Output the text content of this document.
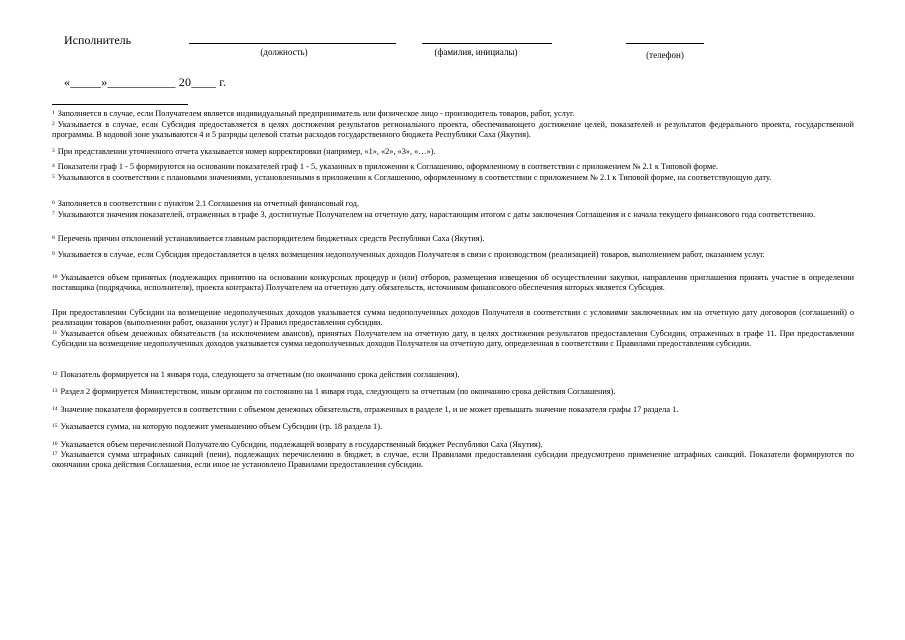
Исполнитель
(должность)	(фамилия, инициалы)	(телефон)
«_____»___________ 20____ г.
$^1$ Заполняется в случае, если Получателем является индивидуальный предприниматель или физическое лицо - производитель товаров, работ, услуг.
$^2$ Указывается в случае, если Субсидия предоставляется в целях достижения результатов регионального проекта, обеспечивающего достижение целей, показателей и результатов федерального проекта, государственной программы. В кодовой зоне указываются 4 и 5 разряды целевой статьи расходов государственного бюджета Республики Саха (Якутия).
$^3$ При представлении уточненного отчета указывается номер корректировки (например, «1», «2», «3», «…»).
$^4$ Показатели граф 1 - 5 формируются на основании показателей граф 1 - 5, указанных в приложении к Соглашению, оформленному в соответствии с приложением № 2.1 к Типовой форме.
$^5$ Указываются в соответствии с плановыми значениями, установленными в приложении к Соглашению, оформленному в соответствии с приложением № 2.1 к Типовой форме, на соответствующую дату.
$^6$ Заполняется в соответствии с пунктом 2.1 Соглашения на отчетный финансовый год.
$^7$ Указываются значения показателей, отраженных в графе 3, достигнутые Получателем на отчетную дату, нарастающим итогом с даты заключения Соглашения и с начала текущего финансового года соответственно.
$^8$ Перечень причин отклонений устанавливается главным распорядителем бюджетных средств Республики Саха (Якутия).
$^9$ Указывается в случае, если Субсидия предоставляется в целях возмещения недополученных доходов Получателя в связи с производством (реализацией) товаров, выполнением работ, оказанием услуг.
$^{10}$ Указывается объем принятых (подлежащих принятию на основании конкурсных процедур и (или) отборов, размещения извещения об осуществлении закупки, направления приглашения принять участие в определении поставщика (подрядчика, исполнителя), проекта контракта) Получателем на отчетную дату обязательств, источником финансового обеспечения которых является Субсидия.
При предоставлении Субсидии на возмещение недополученных доходов указывается сумма недополученных доходов Получателя в соответствии с условиями заключенных им на отчетную дату договоров (соглашений) о реализации товаров (выполнении работ, оказании услуг) и Правил предоставления субсидии.
$^{11}$ Указывается объем денежных обязательств (за исключением авансов), принятых Получателем на отчетную дату, в целях достижения результатов предоставления Субсидии, отраженных в графе 11. При предоставлении Субсидии на возмещение недополученных доходов указывается сумма недополученных доходов Получателя на отчетную дату, определенная в соответствии с Правилами предоставления субсидии.
$^{12}$ Показатель формируется на 1 января года, следующего за отчетным (по окончанию срока действия соглашения).
$^{13}$ Раздел 2 формируется Министерством, иным органом по состоянию на 1 января года, следующего за отчетным (по окончанию срока действия Соглашения).
$^{14}$ Значение показателя формируется в соответствии с объемом денежных обязательств, отраженных в разделе 1, и не может превышать значение показателя графы 17 раздела 1.
$^{15}$ Указывается сумма, на которую подлежит уменьшению объем Субсидии (гр. 18 раздела 1).
$^{16}$ Указывается объем перечисленной Получателю Субсидии, подлежащей возврату в государственный бюджет Республики Саха (Якутия).
$^{17}$ Указывается сумма штрафных санкций (пени), подлежащих перечислению в бюджет, в случае, если Правилами предоставления субсидии предусмотрено применение штрафных санкций. Показатели формируются по окончании срока действия Соглашения, если иное не установлено Правилами предоставления субсидии.
